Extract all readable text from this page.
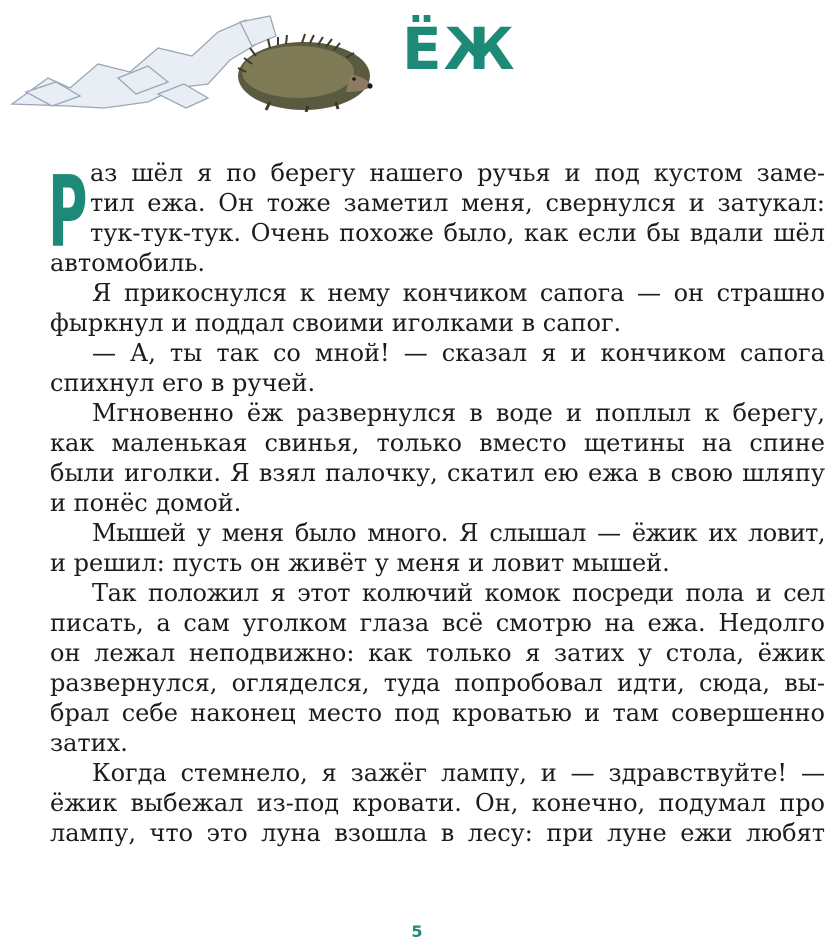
ЁЖ
Р аз шёл я по берегу нашего ручья и под кустом заме-
тил ежа. Он тоже заметил меня, свернулся и затукал:
тук-тук-тук. Очень похоже было, как если бы вдали шёл
автомобиль.
Я прикоснулся к нему кончиком сапога — он страшно
фыркнул и поддал своими иголками в сапог.
— А, ты так со мной! — сказал я и кончиком сапога
спихнул его в ручей.
Мгновенно ёж развернулся в воде и поплыл к берегу,
как маленькая свинья, только вместо щетины на спине
были иголки. Я взял палочку, скатил ею ежа в свою шляпу
и понёс домой.
Мышей у меня было много. Я слышал — ёжик их ловит,
и решил: пусть он живёт у меня и ловит мышей.
Так положил я этот колючий комок посреди пола и сел
писать, а сам уголком глаза всё смотрю на ежа. Недолго
он лежал неподвижно: как только я затих у стола, ёжик
развернулся, огляделся, туда попробовал идти, сюда, вы-
брал себе наконец место под кроватью и там совершенно
затих.
Когда стемнело, я зажёг лампу, и — здравствуйте! —
ёжик выбежал из-под кровати. Он, конечно, подумал про
лампу, что это луна взошла в лесу: при луне ежи любят
5
